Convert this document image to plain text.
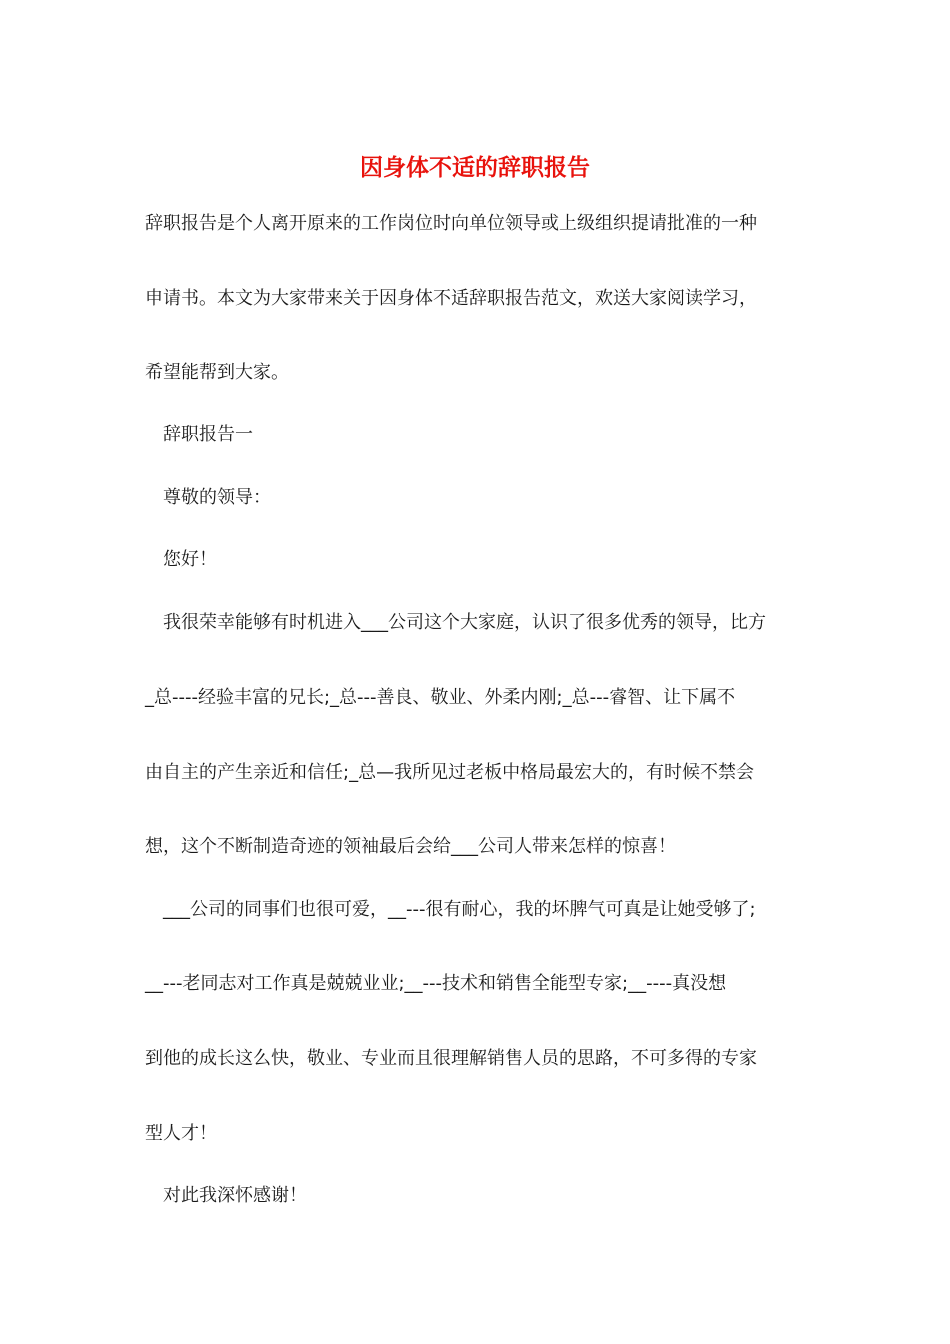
因身体不适的辞职报告

辞职报告是个人离开原来的工作岗位时向单位领导或上级组织提请批准的一种

申请书。本文为大家带来关于因身体不适辞职报告范文，欢送大家阅读学习，

希望能帮到大家。

辞职报告一

尊敬的领导：

您好！

我很荣幸能够有时机进入___公司这个大家庭，认识了很多优秀的领导，比方

_总----经验丰富的兄长;_总---善良、敬业、外柔内刚;_总---睿智、让下属不

由自主的产生亲近和信任;_总—我所见过老板中格局最宏大的，有时候不禁会

想，这个不断制造奇迹的领袖最后会给___公司人带来怎样的惊喜！

___公司的同事们也很可爱，__---很有耐心，我的坏脾气可真是让她受够了;

__---老同志对工作真是兢兢业业;__---技术和销售全能型专家;__----真没想

到他的成长这么快，敬业、专业而且很理解销售人员的思路，不可多得的专家

型人才！

对此我深怀感谢！
